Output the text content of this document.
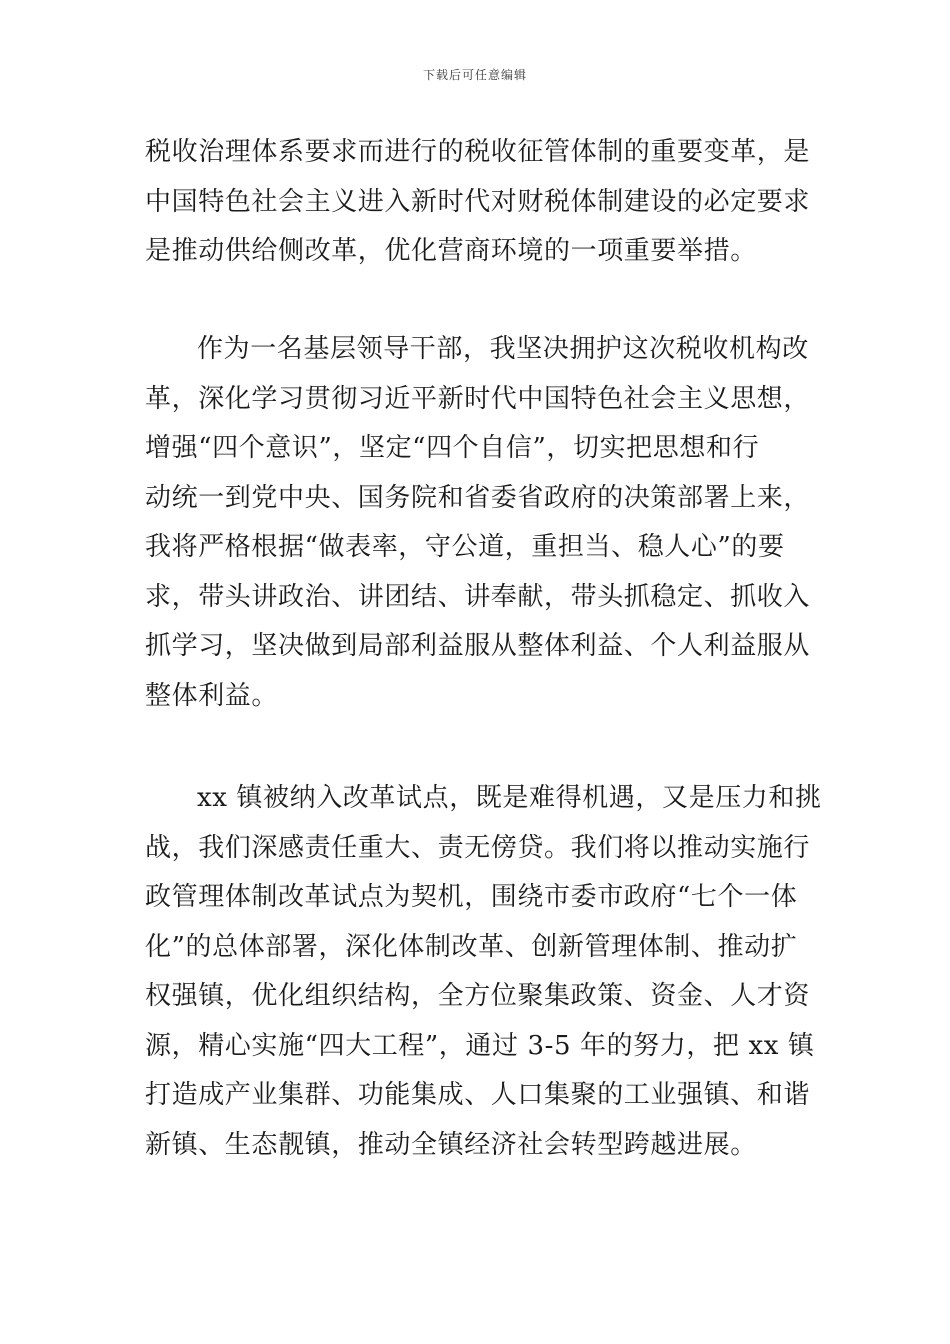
下载后可任意编辑
税收治理体系要求而进行的税收征管体制的重要变革，是
中国特色社会主义进入新时代对财税体制建设的必定要求
是推动供给侧改革，优化营商环境的一项重要举措。
作为一名基层领导干部，我坚决拥护这次税收机构改
革，深化学习贯彻习近平新时代中国特色社会主义思想，
增强“四个意识”，坚定“四个自信”，切实把思想和行
动统一到党中央、国务院和省委省政府的决策部署上来，
我将严格根据“做表率，守公道，重担当、稳人心”的要
求，带头讲政治、讲团结、讲奉献，带头抓稳定、抓收入
抓学习，坚决做到局部利益服从整体利益、个人利益服从
整体利益。
xx 镇被纳入改革试点，既是难得机遇，又是压力和挑
战，我们深感责任重大、责无傍贷。我们将以推动实施行
政管理体制改革试点为契机，围绕市委市政府“七个一体
化”的总体部署，深化体制改革、创新管理体制、推动扩
权强镇，优化组织结构，全方位聚集政策、资金、人才资
源，精心实施“四大工程”，通过 3-5 年的努力，把 xx 镇
打造成产业集群、功能集成、人口集聚的工业强镇、和谐
新镇、生态靓镇，推动全镇经济社会转型跨越进展。
